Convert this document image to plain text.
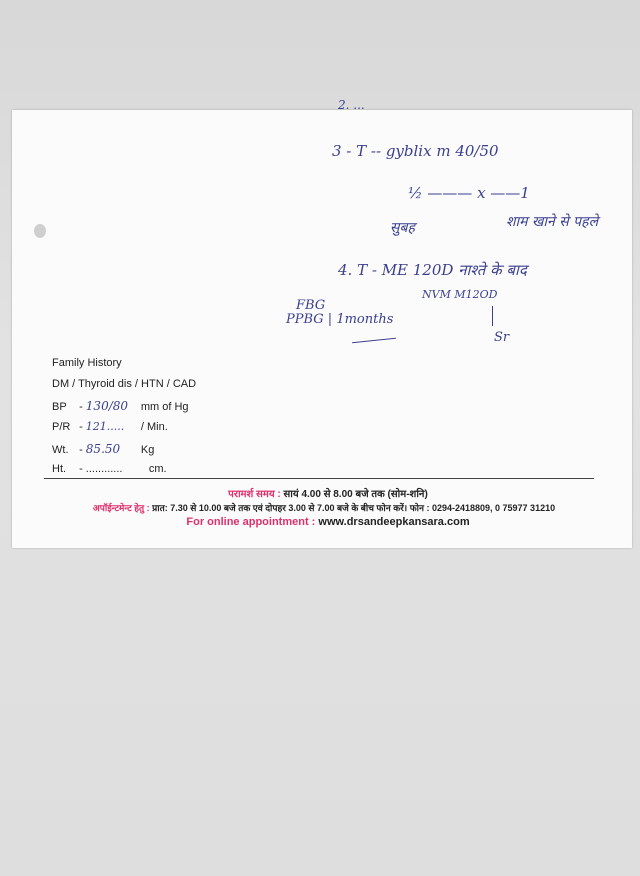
2. ...
3 - T -- gyblix m 40/50
½ ——— x ——1
सुबह	शाम खाने से पहले
4. T - ME 120D नाश्ते के बाद
NVM M12OD
FBG
PPBG | 1months
Sr
Family History
DM / Thyroid dis / HTN / CAD
BP - 130/80 mm of Hg
P/R - 121..... / Min.
Wt. - 85.50 Kg
Ht. - ............ cm.
परामर्श समय : सायं 4.00 से 8.00 बजे तक (सोम-शनि)
अपॉईन्टमेन्ट हेतु : प्रात: 7.30 से 10.00 बजे तक एवं दोपहर 3.00 से 7.00 बजे के बीच फोन करें। फोन : 0294-2418809, 0 75977 31210
For online appointment : www.drsandeepkansara.com
